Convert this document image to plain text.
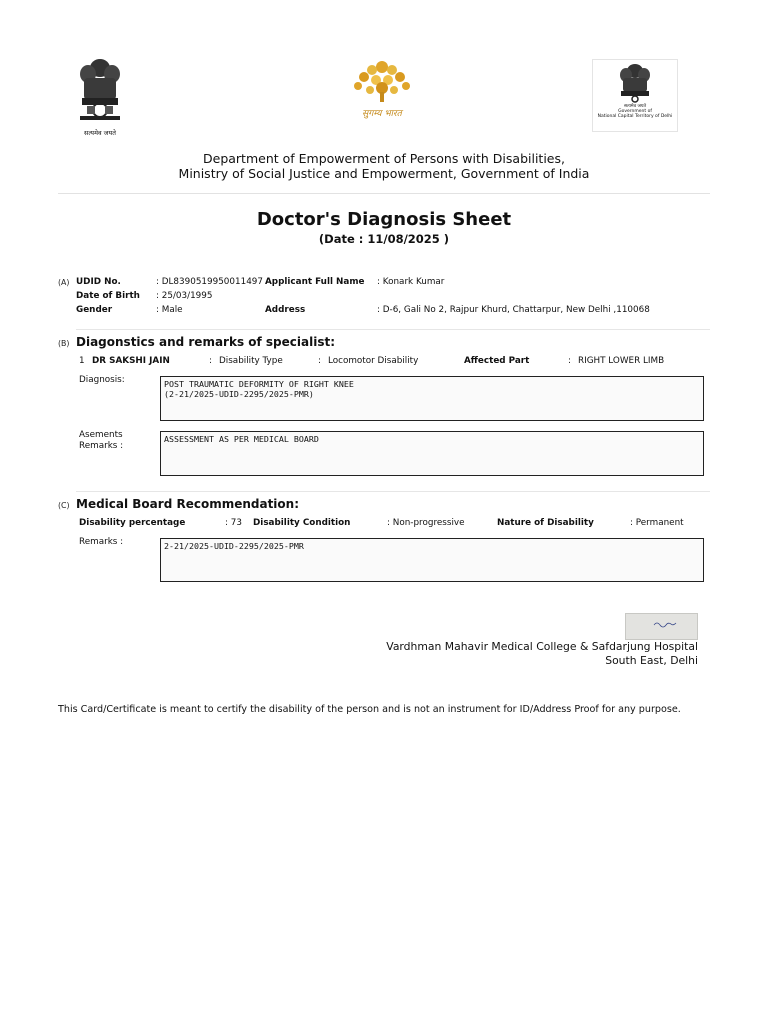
सत्यमेव जयते
सुगम्य भारत
सत्यमेव जयते
Government of
National Capital Territory of Delhi
Department of Empowerment of Persons with Disabilities,
Ministry of Social Justice and Empowerment, Government of India
Doctor's Diagnosis Sheet
(Date : 11/08/2025 )
(A) UDID No.	: DL8390519950011497 Applicant Full Name : Konark Kumar
Date of Birth : 25/03/1995
Gender	: Male	Address	: D-6, Gali No 2, Rajpur Khurd, Chattarpur, New Delhi ,110068
(B) Diagonstics and remarks of specialist:
1 DR SAKSHI JAIN	: Disability Type	: Locomotor Disability	Affected Part	: RIGHT LOWER LIMB
Diagnosis:	POST TRAUMATIC DEFORMITY OF RIGHT KNEE
(2-21/2025-UDID-2295/2025-PMR)
Asements
Remarks :
ASSESSMENT AS PER MEDICAL BOARD
(C) Medical Board Recommendation:
Disability percentage	: 73 Disability Condition	: Non-progressive	Nature of Disability	: Permanent
Remarks :	2-21/2025-UDID-2295/2025-PMR
Vardhman Mahavir Medical College & Safdarjung Hospital
South East, Delhi
This Card/Certificate is meant to certify the disability of the person and is not an instrument for ID/Address Proof for any purpose.
